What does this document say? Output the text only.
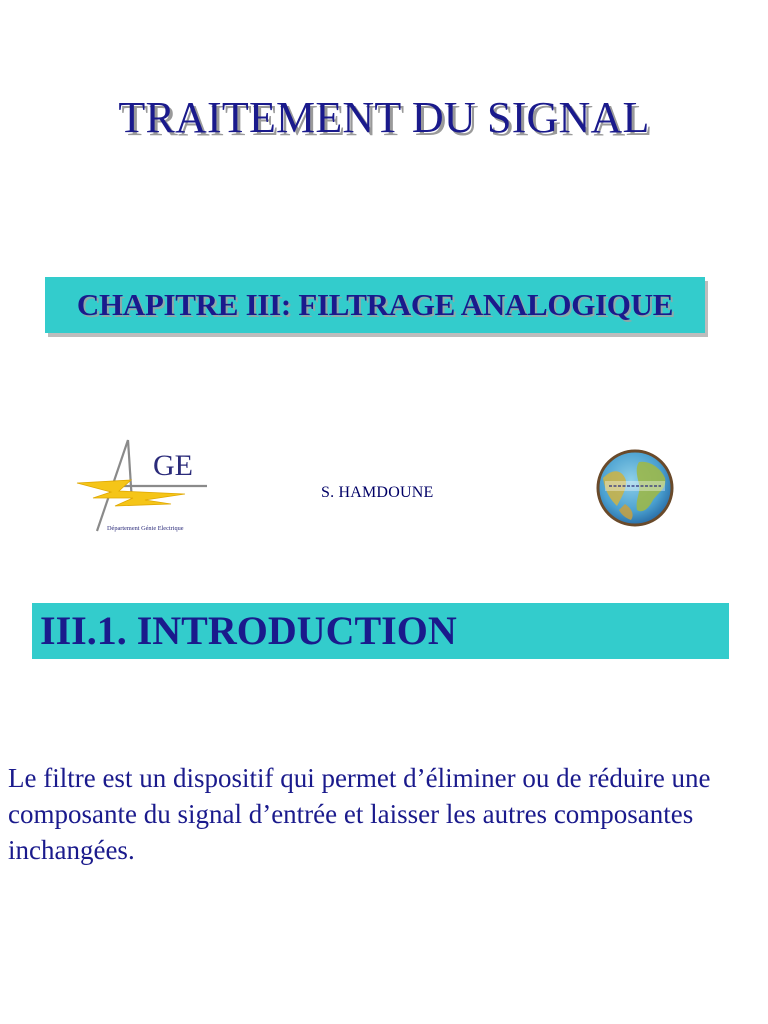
TRAITEMENT DU SIGNAL
CHAPITRE III: FILTRAGE ANALOGIQUE
GE
Département Génie Electrique
S. HAMDOUNE
III.1. INTRODUCTION

Le filtre est un dispositif qui permet d’éliminer ou de réduire une composante du signal d’entrée et laisser les autres composantes inchangées.
